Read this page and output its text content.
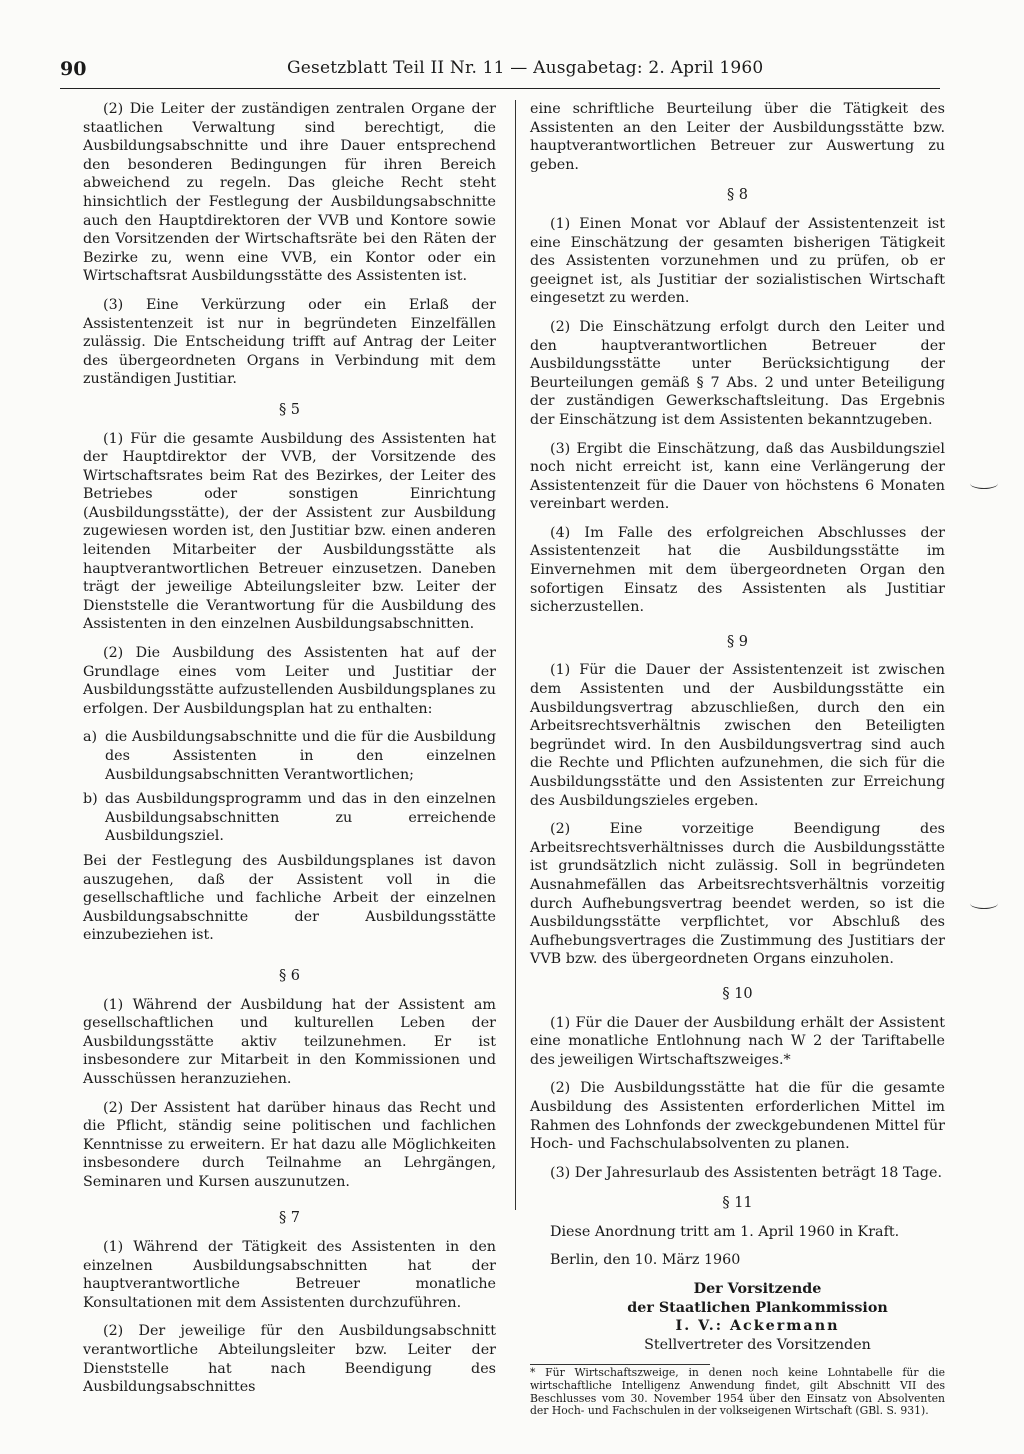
90	Gesetzblatt Teil II Nr. 11 — Ausgabetag: 2. April 1960

(2) Die Leiter der zuständigen zentralen Organe der staatlichen Verwaltung sind berechtigt, die Ausbildungsabschnitte und ihre Dauer entsprechend den besonderen Bedingungen für ihren Bereich abweichend zu regeln. Das gleiche Recht steht hinsichtlich der Festlegung der Ausbildungsabschnitte auch den Hauptdirektoren der VVB und Kontore sowie den Vorsitzenden der Wirtschaftsräte bei den Räten der Bezirke zu, wenn eine VVB, ein Kontor oder ein Wirtschaftsrat Ausbildungsstätte des Assistenten ist.

(3) Eine Verkürzung oder ein Erlaß der Assistentenzeit ist nur in begründeten Einzelfällen zulässig. Die Entscheidung trifft auf Antrag der Leiter des übergeordneten Organs in Verbindung mit dem zuständigen Justitiar.

§ 5

(1) Für die gesamte Ausbildung des Assistenten hat der Hauptdirektor der VVB, der Vorsitzende des Wirtschaftsrates beim Rat des Bezirkes, der Leiter des Betriebes oder sonstigen Einrichtung (Ausbildungsstätte), der der Assistent zur Ausbildung zugewiesen worden ist, den Justitiar bzw. einen anderen leitenden Mitarbeiter der Ausbildungsstätte als hauptverantwortlichen Betreuer einzusetzen. Daneben trägt der jeweilige Abteilungsleiter bzw. Leiter der Dienststelle die Verantwortung für die Ausbildung des Assistenten in den einzelnen Ausbildungsabschnitten.

(2) Die Ausbildung des Assistenten hat auf der Grundlage eines vom Leiter und Justitiar der Ausbildungsstätte aufzustellenden Ausbildungsplanes zu erfolgen. Der Ausbildungsplan hat zu enthalten:

a) die Ausbildungsabschnitte und die für die Ausbildung des Assistenten in den einzelnen Ausbildungsabschnitten Verantwortlichen;
b) das Ausbildungsprogramm und das in den einzelnen Ausbildungsabschnitten zu erreichende Ausbildungsziel.

Bei der Festlegung des Ausbildungsplanes ist davon auszugehen, daß der Assistent voll in die gesellschaftliche und fachliche Arbeit der einzelnen Ausbildungsabschnitte der Ausbildungsstätte einzubeziehen ist.

§ 6

(1) Während der Ausbildung hat der Assistent am gesellschaftlichen und kulturellen Leben der Ausbildungsstätte aktiv teilzunehmen. Er ist insbesondere zur Mitarbeit in den Kommissionen und Ausschüssen heranzuziehen.

(2) Der Assistent hat darüber hinaus das Recht und die Pflicht, ständig seine politischen und fachlichen Kenntnisse zu erweitern. Er hat dazu alle Möglichkeiten insbesondere durch Teilnahme an Lehrgängen, Seminaren und Kursen auszunutzen.

§ 7

(1) Während der Tätigkeit des Assistenten in den einzelnen Ausbildungsabschnitten hat der hauptverantwortliche Betreuer monatliche Konsultationen mit dem Assistenten durchzuführen.

(2) Der jeweilige für den Ausbildungsabschnitt verantwortliche Abteilungsleiter bzw. Leiter der Dienststelle hat nach Beendigung des Ausbildungsabschnittes

eine schriftliche Beurteilung über die Tätigkeit des Assistenten an den Leiter der Ausbildungsstätte bzw. hauptverantwortlichen Betreuer zur Auswertung zu geben.

§ 8

(1) Einen Monat vor Ablauf der Assistentenzeit ist eine Einschätzung der gesamten bisherigen Tätigkeit des Assistenten vorzunehmen und zu prüfen, ob er geeignet ist, als Justitiar der sozialistischen Wirtschaft eingesetzt zu werden.

(2) Die Einschätzung erfolgt durch den Leiter und den hauptverantwortlichen Betreuer der Ausbildungsstätte unter Berücksichtigung der Beurteilungen gemäß § 7 Abs. 2 und unter Beteiligung der zuständigen Gewerkschaftsleitung. Das Ergebnis der Einschätzung ist dem Assistenten bekanntzugeben.

(3) Ergibt die Einschätzung, daß das Ausbildungsziel noch nicht erreicht ist, kann eine Verlängerung der Assistentenzeit für die Dauer von höchstens 6 Monaten vereinbart werden.

(4) Im Falle des erfolgreichen Abschlusses der Assistentenzeit hat die Ausbildungsstätte im Einvernehmen mit dem übergeordneten Organ den sofortigen Einsatz des Assistenten als Justitiar sicherzustellen.

§ 9

(1) Für die Dauer der Assistentenzeit ist zwischen dem Assistenten und der Ausbildungsstätte ein Ausbildungsvertrag abzuschließen, durch den ein Arbeitsrechtsverhältnis zwischen den Beteiligten begründet wird. In den Ausbildungsvertrag sind auch die Rechte und Pflichten aufzunehmen, die sich für die Ausbildungsstätte und den Assistenten zur Erreichung des Ausbildungszieles ergeben.

(2) Eine vorzeitige Beendigung des Arbeitsrechtsverhältnisses durch die Ausbildungsstätte ist grundsätzlich nicht zulässig. Soll in begründeten Ausnahmefällen das Arbeitsrechtsverhältnis vorzeitig durch Aufhebungsvertrag beendet werden, so ist die Ausbildungsstätte verpflichtet, vor Abschluß des Aufhebungsvertrages die Zustimmung des Justitiars der VVB bzw. des übergeordneten Organs einzuholen.

§ 10

(1) Für die Dauer der Ausbildung erhält der Assistent eine monatliche Entlohnung nach W 2 der Tariftabelle des jeweiligen Wirtschaftszweiges.*

(2) Die Ausbildungsstätte hat die für die gesamte Ausbildung des Assistenten erforderlichen Mittel im Rahmen des Lohnfonds der zweckgebundenen Mittel für Hoch- und Fachschulabsolventen zu planen.

(3) Der Jahresurlaub des Assistenten beträgt 18 Tage.

§ 11

Diese Anordnung tritt am 1. April 1960 in Kraft.

Berlin, den 10. März 1960

Der Vorsitzende
der Staatlichen Plankommission
I. V.: Ackermann
Stellvertreter des Vorsitzenden
* Für Wirtschaftszweige, in denen noch keine Lohntabelle für die wirtschaftliche Intelligenz Anwendung findet, gilt Abschnitt VII des Beschlusses vom 30. November 1954 über den Einsatz von Absolventen der Hoch- und Fachschulen in der volkseigenen Wirtschaft (GBl. S. 931).
